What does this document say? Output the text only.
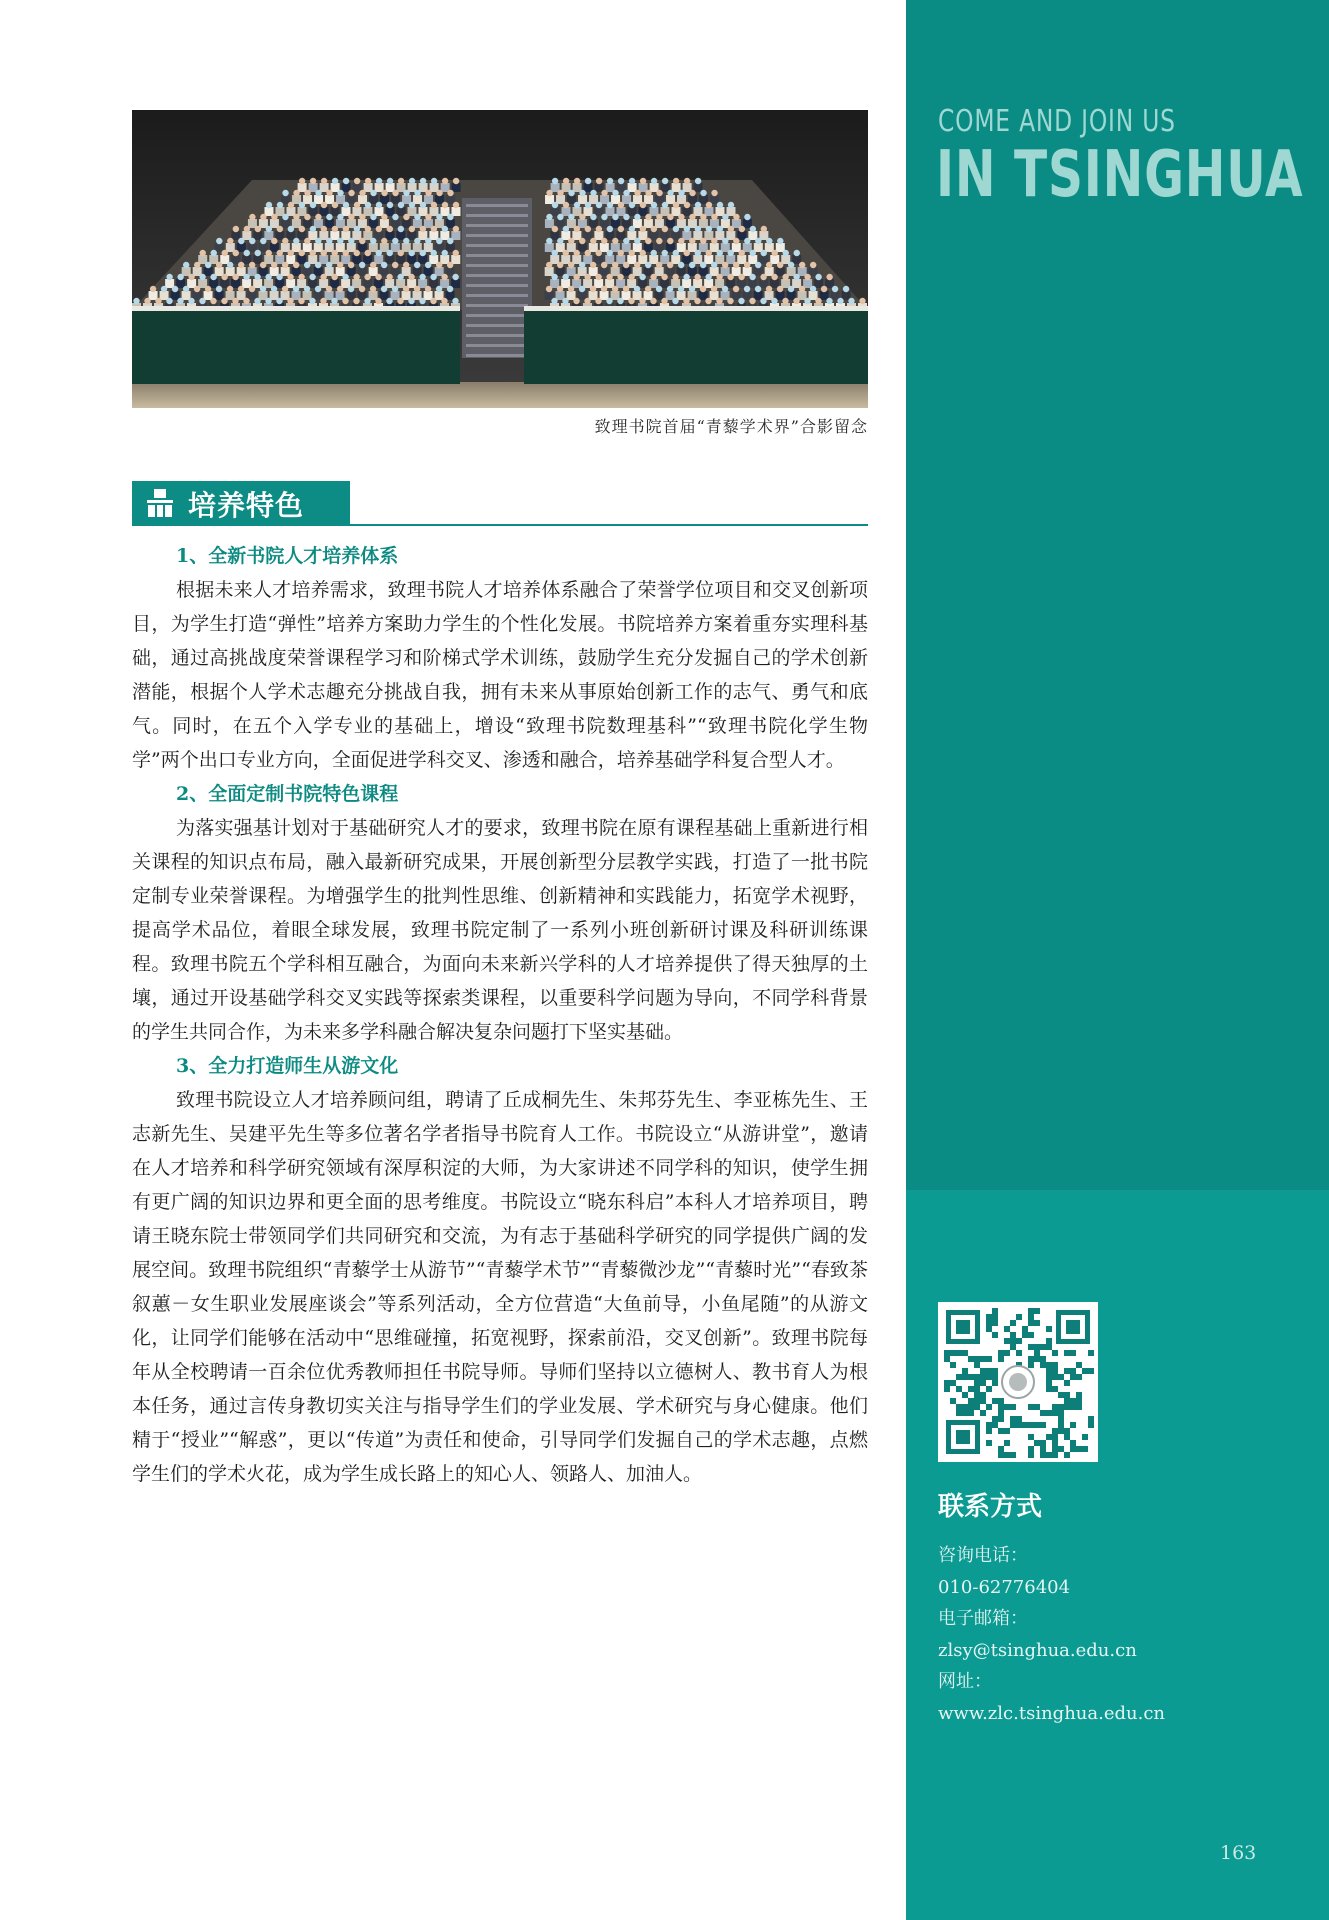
COME AND JOIN US
IN TSINGHUA
联系方式
咨询电话：
010-62776404
电子邮箱：
zlsy@tsinghua.edu.cn
网址：
www.zlc.tsinghua.edu.cn
163
致理书院首届“青藜学术界”合影留念
培养特色

1、全新书院人才培养体系

根据未来人才培养需求，致理书院人才培养体系融合了荣誉学位项目和交叉创新项目，为学生打造“弹性”培养方案助力学生的个性化发展。书院培养方案着重夯实理科基础，通过高挑战度荣誉课程学习和阶梯式学术训练，鼓励学生充分发掘自己的学术创新潜能，根据个人学术志趣充分挑战自我，拥有未来从事原始创新工作的志气、勇气和底气。同时，在五个入学专业的基础上，增设“致理书院数理基科”“致理书院化学生物学”两个出口专业方向，全面促进学科交叉、渗透和融合，培养基础学科复合型人才。

2、全面定制书院特色课程

为落实强基计划对于基础研究人才的要求，致理书院在原有课程基础上重新进行相关课程的知识点布局，融入最新研究成果，开展创新型分层教学实践，打造了一批书院定制专业荣誉课程。为增强学生的批判性思维、创新精神和实践能力，拓宽学术视野，提高学术品位，着眼全球发展，致理书院定制了一系列小班创新研讨课及科研训练课程。致理书院五个学科相互融合，为面向未来新兴学科的人才培养提供了得天独厚的土壤，通过开设基础学科交叉实践等探索类课程，以重要科学问题为导向，不同学科背景的学生共同合作，为未来多学科融合解决复杂问题打下坚实基础。

3、全力打造师生从游文化

致理书院设立人才培养顾问组，聘请了丘成桐先生、朱邦芬先生、李亚栋先生、王志新先生、吴建平先生等多位著名学者指导书院育人工作。书院设立“从游讲堂”，邀请在人才培养和科学研究领域有深厚积淀的大师，为大家讲述不同学科的知识，使学生拥有更广阔的知识边界和更全面的思考维度。书院设立“晓东科启”本科人才培养项目，聘请王晓东院士带领同学们共同研究和交流，为有志于基础科学研究的同学提供广阔的发展空间。致理书院组织“青藜学士从游节”“青藜学术节”“青藜微沙龙”“青藜时光”“春致茶叙蕙－女生职业发展座谈会”等系列活动，全方位营造“大鱼前导，小鱼尾随”的从游文化，让同学们能够在活动中“思维碰撞，拓宽视野，探索前沿，交叉创新”。致理书院每年从全校聘请一百余位优秀教师担任书院导师。导师们坚持以立德树人、教书育人为根本任务，通过言传身教切实关注与指导学生们的学业发展、学术研究与身心健康。他们精于“授业”“解惑”，更以“传道”为责任和使命，引导同学们发掘自己的学术志趣，点燃学生们的学术火花，成为学生成长路上的知心人、领路人、加油人。
